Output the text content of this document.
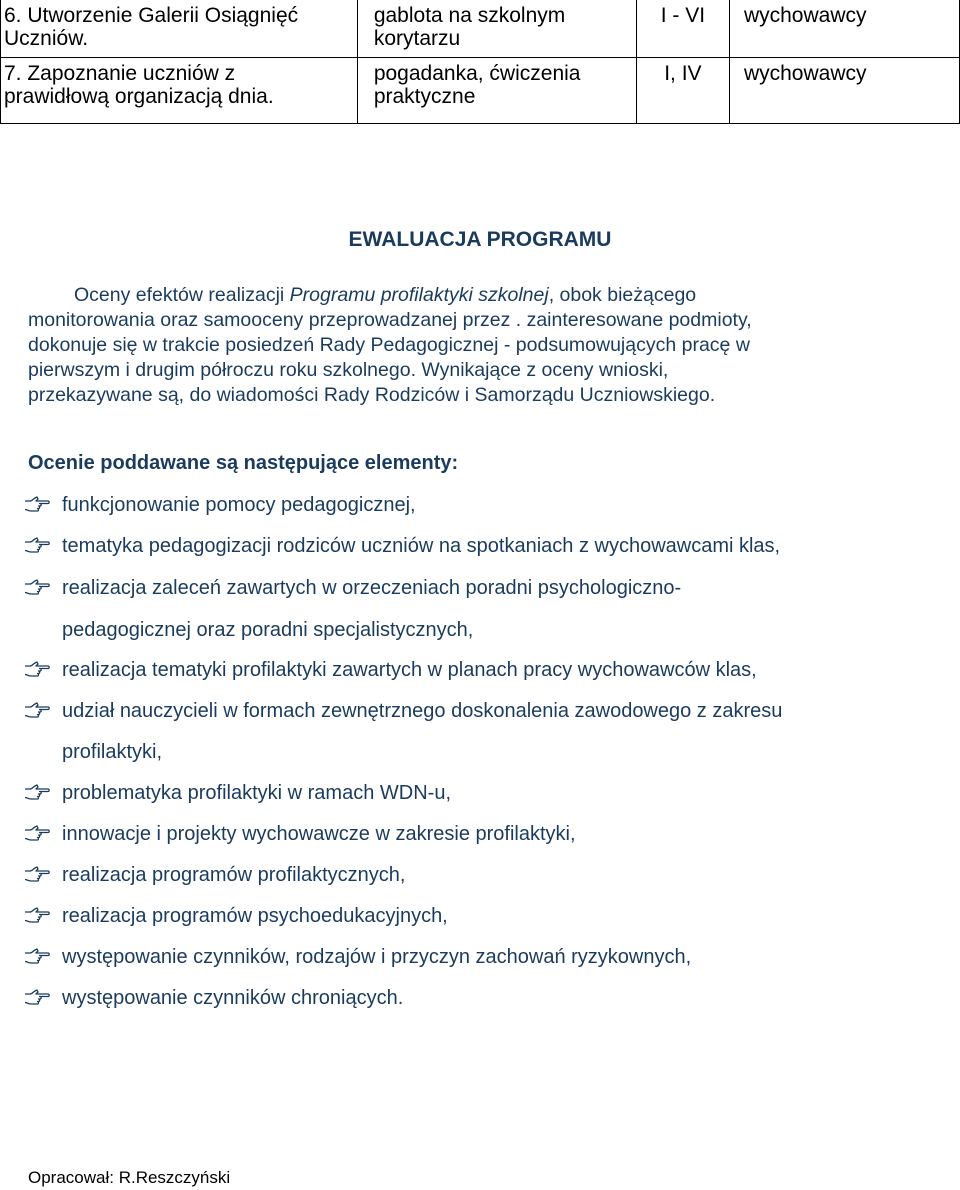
6. Utworzenie Galerii Osiągnięć
Uczniów.	gablota na szkolnym
korytarzu	I - VI	wychowawcy

7. Zapoznanie uczniów z
prawidłową organizacją dnia.	pogadanka, ćwiczenia
praktyczne	I, IV	wychowawcy
EWALUACJA PROGRAMU
Oceny efektów realizacji Programu profilaktyki szkolnej, obok bieżącego
monitorowania oraz samooceny przeprowadzanej przez . zainteresowane podmioty,
dokonuje się w trakcie posiedzeń Rady Pedagogicznej - podsumowujących pracę w
pierwszym i drugim półroczu roku szkolnego. Wynikające z oceny wnioski,
przekazywane są, do wiadomości Rady Rodziców i Samorządu Uczniowskiego.
Ocenie poddawane są następujące elementy:
funkcjonowanie pomocy pedagogicznej,
tematyka pedagogizacji rodziców uczniów na spotkaniach z wychowawcami klas,
realizacja zaleceń zawartych w orzeczeniach poradni psychologiczno-
pedagogicznej oraz poradni specjalistycznych,
realizacja tematyki profilaktyki zawartych w planach pracy wychowawców klas,
udział nauczycieli w formach zewnętrznego doskonalenia zawodowego z zakresu
profilaktyki,
problematyka profilaktyki w ramach WDN-u,
innowacje i projekty wychowawcze w zakresie profilaktyki,
realizacja programów profilaktycznych,
realizacja programów psychoedukacyjnych,
występowanie czynników, rodzajów i przyczyn zachowań ryzykownych,
występowanie czynników chroniących.
Opracował: R.Reszczyński
